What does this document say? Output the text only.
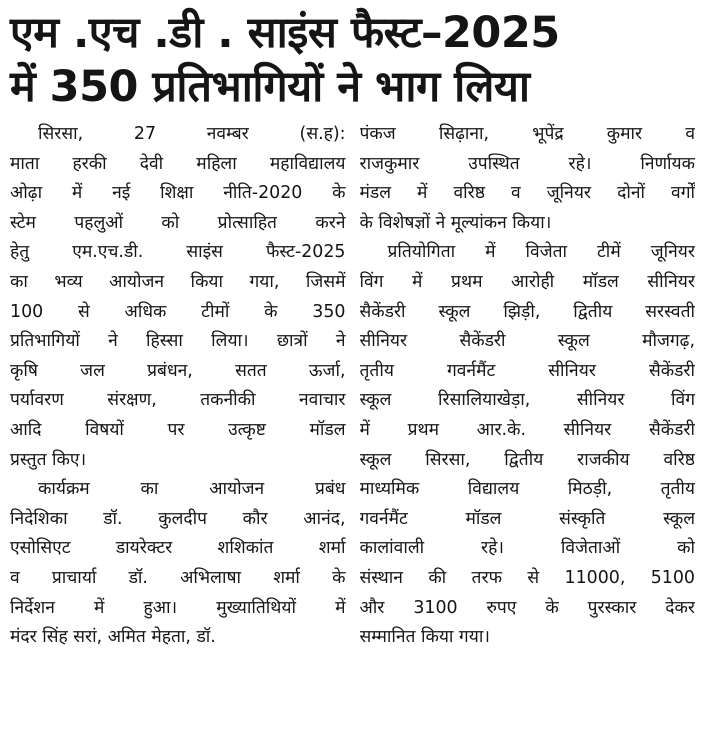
एम .एच .डी . साइंस फैस्ट–2025
में 350 प्रतिभागियों ने भाग लिया

सिरसा, 27 नवम्बर (स.ह):
माता हरकी देवी महिला महाविद्यालय
ओढ़ा में नई शिक्षा नीति-2020 के
स्टेम पहलुओं को प्रोत्साहित करने
हेतु एम.एच.डी. साइंस फैस्ट-2025
का भव्य आयोजन किया गया, जिसमें
100 से अधिक टीमों के 350
प्रतिभागियों ने हिस्सा लिया। छात्रों ने
कृषि जल प्रबंधन, सतत ऊर्जा,
पर्यावरण संरक्षण, तकनीकी नवाचार
आदि विषयों पर उत्कृष्ट मॉडल
प्रस्तुत किए।

कार्यक्रम का आयोजन प्रबंध
निदेशिका डॉ. कुलदीप कौर आनंद,
एसोसिएट डायरेक्टर शशिकांत शर्मा
व प्राचार्या डॉ. अभिलाषा शर्मा के
निर्देशन में हुआ। मुख्यातिथियों में
मंदर सिंह सरां, अमित मेहता, डॉ.

पंकज सिढ़ाना, भूपेंद्र कुमार व
राजकुमार उपस्थित रहे। निर्णायक
मंडल में वरिष्ठ व जूनियर दोनों वर्गों
के विशेषज्ञों ने मूल्यांकन किया।

प्रतियोगिता में विजेता टीमें जूनियर
विंग में प्रथम आरोही मॉडल सीनियर
सैकेंडरी स्कूल झिड़ी, द्वितीय सरस्वती
सीनियर सैकेंडरी स्कूल मौजगढ़,
तृतीय गवर्नमैंट सीनियर सैकेंडरी
स्कूल रिसालियाखेड़ा, सीनियर विंग
में प्रथम आर.के. सीनियर सैकेंडरी
स्कूल सिरसा, द्वितीय राजकीय वरिष्ठ
माध्यमिक विद्यालय मिठड़ी, तृतीय
गवर्नमैंट मॉडल संस्कृति स्कूल
कालांवाली रहे। विजेताओं को
संस्थान की तरफ से 11000, 5100
और 3100 रुपए के पुरस्कार देकर
सम्मानित किया गया।
